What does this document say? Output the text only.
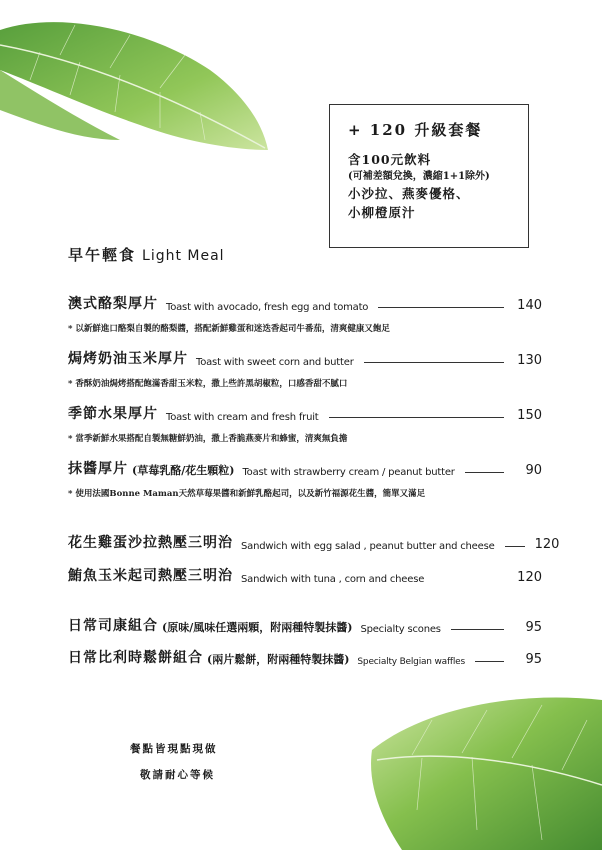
+ 120 升級套餐
含100元飲料
(可補差額兌換，濃縮1+1除外)
小沙拉、燕麥優格、
小柳橙原汁
早午輕食 Light Meal
澳式酪梨厚片 Toast with avocado, fresh egg and tomato	140
* 以新鮮進口酪梨自製的酪梨醬，搭配新鮮雞蛋和迷迭香起司牛番茄，清爽健康又飽足
焗烤奶油玉米厚片 Toast with sweet corn and butter	130
* 香酥奶油焗烤搭配飽滿香甜玉米粒，撒上些許黑胡椒粒，口感香甜不膩口
季節水果厚片 Toast with cream and fresh fruit	150
* 當季新鮮水果搭配自製無糖鮮奶油，撒上香脆燕麥片和蜂蜜，清爽無負擔
抹醬厚片 (草莓乳酪/花生顆粒) Toast with strawberry cream / peanut butter	90
* 使用法國Bonne Maman天然草莓果醬和新鮮乳酪起司，以及新竹福源花生醬，簡單又滿足
花生雞蛋沙拉熱壓三明治 Sandwich with egg salad , peanut butter and cheese	120
鮪魚玉米起司熱壓三明治 Sandwich with tuna , corn and cheese	120
日常司康組合 (原味/風味任選兩顆，附兩種特製抹醬) Specialty scones	95
日常比利時鬆餅組合 (兩片鬆餅，附兩種特製抹醬) Specialty Belgian waffles	95
餐點皆現點現做
敬請耐心等候
